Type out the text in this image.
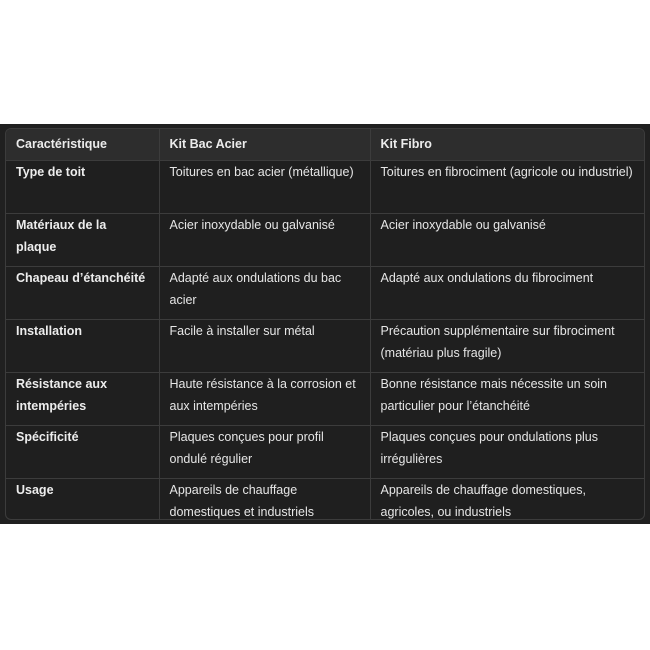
Caractéristique	Kit Bac Acier	Kit Fibro
Type de toit	Toitures en bac acier (métallique)	Toitures en fibrociment (agricole ou industriel)
Matériaux de la plaque	Acier inoxydable ou galvanisé	Acier inoxydable ou galvanisé
Chapeau d’étanchéité	Adapté aux ondulations du bac acier	Adapté aux ondulations du fibrociment
Installation	Facile à installer sur métal	Précaution supplémentaire sur fibrociment (matériau plus fragile)
Résistance aux intempéries	Haute résistance à la corrosion et aux intempéries	Bonne résistance mais nécessite un soin particulier pour l’étanchéité
Spécificité	Plaques conçues pour profil ondulé régulier	Plaques conçues pour ondulations plus irrégulières
Usage	Appareils de chauffage domestiques et industriels	Appareils de chauffage domestiques, agricoles, ou industriels
